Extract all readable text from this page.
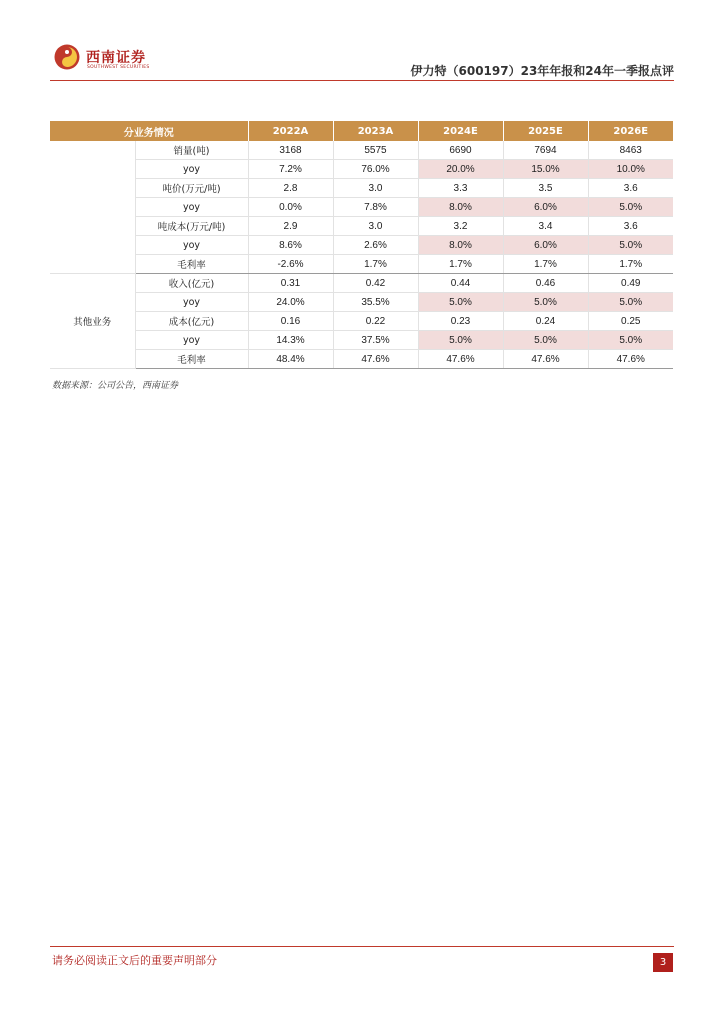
西南证券
SOUTHWEST SECURITIES	伊力特（600197）23年年报和24年一季报点评
分业务情况		2022A	2023A	2024E	2025E	2026E
	销量(吨)	3168	5575	6690	7694	8463
	yoy	7.2%	76.0%	20.0%	15.0%	10.0%
	吨价(万元/吨)	2.8	3.0	3.3	3.5	3.6
	yoy	0.0%	7.8%	8.0%	6.0%	5.0%
	吨成本(万元/吨)	2.9	3.0	3.2	3.4	3.6
	yoy	8.6%	2.6%	8.0%	6.0%	5.0%
	毛利率	-2.6%	1.7%	1.7%	1.7%	1.7%
其他业务	收入(亿元)	0.31	0.42	0.44	0.46	0.49
	yoy	24.0%	35.5%	5.0%	5.0%	5.0%
	成本(亿元)	0.16	0.22	0.23	0.24	0.25
	yoy	14.3%	37.5%	5.0%	5.0%	5.0%
	毛利率	48.4%	47.6%	47.6%	47.6%	47.6%
数据来源：公司公告，西南证券
请务必阅读正文后的重要声明部分	3
